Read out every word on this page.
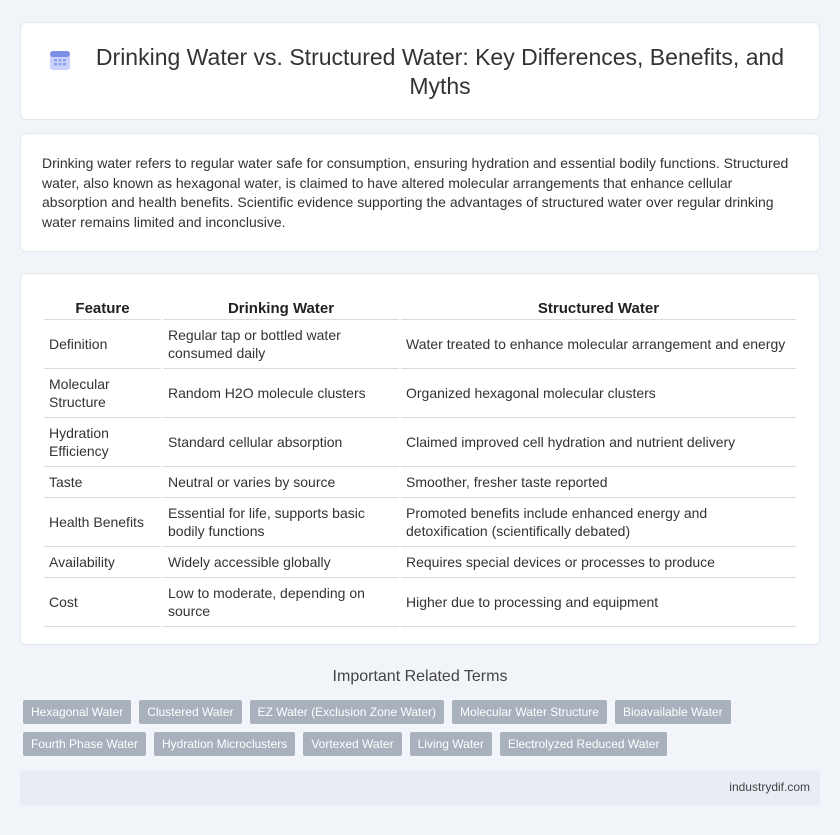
Drinking Water vs. Structured Water: Key Differences, Benefits, and Myths

Drinking water refers to regular water safe for consumption, ensuring hydration and essential bodily functions. Structured water, also known as hexagonal water, is claimed to have altered molecular arrangements that enhance cellular absorption and health benefits. Scientific evidence supporting the advantages of structured water over regular drinking water remains limited and inconclusive.

Feature	Drinking Water	Structured Water
Definition	Regular tap or bottled water consumed daily	Water treated to enhance molecular arrangement and energy
Molecular Structure	Random H2O molecule clusters	Organized hexagonal molecular clusters
Hydration Efficiency	Standard cellular absorption	Claimed improved cell hydration and nutrient delivery
Taste	Neutral or varies by source	Smoother, fresher taste reported
Health Benefits	Essential for life, supports basic bodily functions	Promoted benefits include enhanced energy and detoxification (scientifically debated)
Availability	Widely accessible globally	Requires special devices or processes to produce
Cost	Low to moderate, depending on source	Higher due to processing and equipment
Important Related Terms
Hexagonal Water	Clustered Water	EZ Water (Exclusion Zone Water)	Molecular Water Structure	Bioavailable Water
Fourth Phase Water	Hydration Microclusters	Vortexed Water	Living Water	Electrolyzed Reduced Water
industrydif.com
